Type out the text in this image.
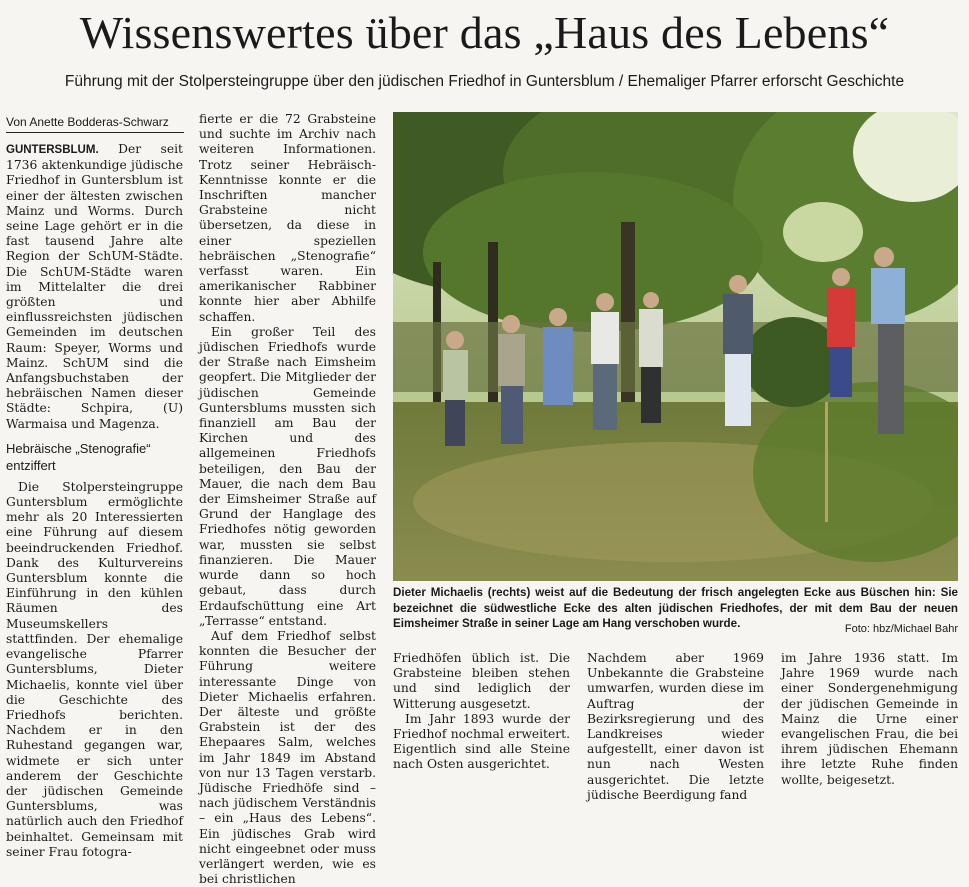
Wissenswertes über das „Haus des Lebens“
Führung mit der Stolpersteingruppe über den jüdischen Friedhof in Guntersblum / Ehemaliger Pfarrer erforscht Geschichte
Von Anette Bodderas-Schwarz

GUNTERSBLUM. Der seit 1736 aktenkundige jüdische Friedhof in Guntersblum ist einer der ältesten zwischen Mainz und Worms. Durch seine Lage gehört er in die fast tausend Jahre alte Region der SchUM-Städte. Die SchUM-Städte waren im Mittelalter die drei größten und einflussreichsten jüdischen Gemeinden im deutschen Raum: Speyer, Worms und Mainz. SchUM sind die Anfangsbuchstaben der hebräischen Namen dieser Städte: Schpira, (U) Warmaisa und Magenza.

Hebräische „Stenografie“ entziffert

Die Stolpersteingruppe Guntersblum ermöglichte mehr als 20 Interessierten eine Führung auf diesem beeindruckenden Friedhof. Dank des Kulturvereins Guntersblum konnte die Einführung in den kühlen Räumen des Museumskellers stattfinden. Der ehemalige evangelische Pfarrer Guntersblums, Dieter Michaelis, konnte viel über die Geschichte des Friedhofs berichten. Nachdem er in den Ruhestand gegangen war, widmete er sich unter anderem der Geschichte der jüdischen Gemeinde Guntersblums, was natürlich auch den Friedhof beinhaltet. Gemeinsam mit seiner Frau fotogra-

fierte er die 72 Grabsteine und suchte im Archiv nach weiteren Informationen. Trotz seiner Hebräisch-Kenntnisse konnte er die Inschriften mancher Grabsteine nicht übersetzen, da diese in einer speziellen hebräischen „Stenografie“ verfasst waren. Ein amerikanischer Rabbiner konnte hier aber Abhilfe schaffen.

Ein großer Teil des jüdischen Friedhofs wurde der Straße nach Eimsheim geopfert. Die Mitglieder der jüdischen Gemeinde Guntersblums mussten sich finanziell am Bau der Kirchen und des allgemeinen Friedhofs beteiligen, den Bau der Mauer, die nach dem Bau der Eimsheimer Straße auf Grund der Hanglage des Friedhofes nötig geworden war, mussten sie selbst finanzieren. Die Mauer wurde dann so hoch gebaut, dass durch Erdaufschüttung eine Art „Terrasse“ entstand.

Auf dem Friedhof selbst konnten die Besucher der Führung weitere interessante Dinge von Dieter Michaelis erfahren. Der älteste und größte Grabstein ist der des Ehepaares Salm, welches im Jahr 1849 im Abstand von nur 13 Tagen verstarb. Jüdische Friedhöfe sind – nach jüdischem Verständnis – ein „Haus des Lebens“. Ein jüdisches Grab wird nicht eingeebnet oder muss verlängert werden, wie es bei christlichen

Dieter Michaelis (rechts) weist auf die Bedeutung der frisch angelegten Ecke aus Büschen hin: Sie bezeichnet die südwestliche Ecke des alten jüdischen Friedhofes, der mit dem Bau der neuen Eimsheimer Straße in seiner Lage am Hang verschoben wurde.	Foto: hbz/Michael Bahr

Friedhöfen üblich ist. Die Grabsteine bleiben stehen und sind lediglich der Witterung ausgesetzt.

Im Jahr 1893 wurde der Friedhof nochmal erweitert. Eigentlich sind alle Steine nach Osten ausgerichtet.

Nachdem aber 1969 Unbekannte die Grabsteine umwarfen, wurden diese im Auftrag der Bezirksregierung und des Landkreises wieder aufgestellt, einer davon ist nun nach Westen ausgerichtet. Die letzte jüdische Beerdigung fand

im Jahre 1936 statt. Im Jahre 1969 wurde nach einer Sondergenehmigung der jüdischen Gemeinde in Mainz die Urne einer evangelischen Frau, die bei ihrem jüdischen Ehemann ihre letzte Ruhe finden wollte, beigesetzt.
